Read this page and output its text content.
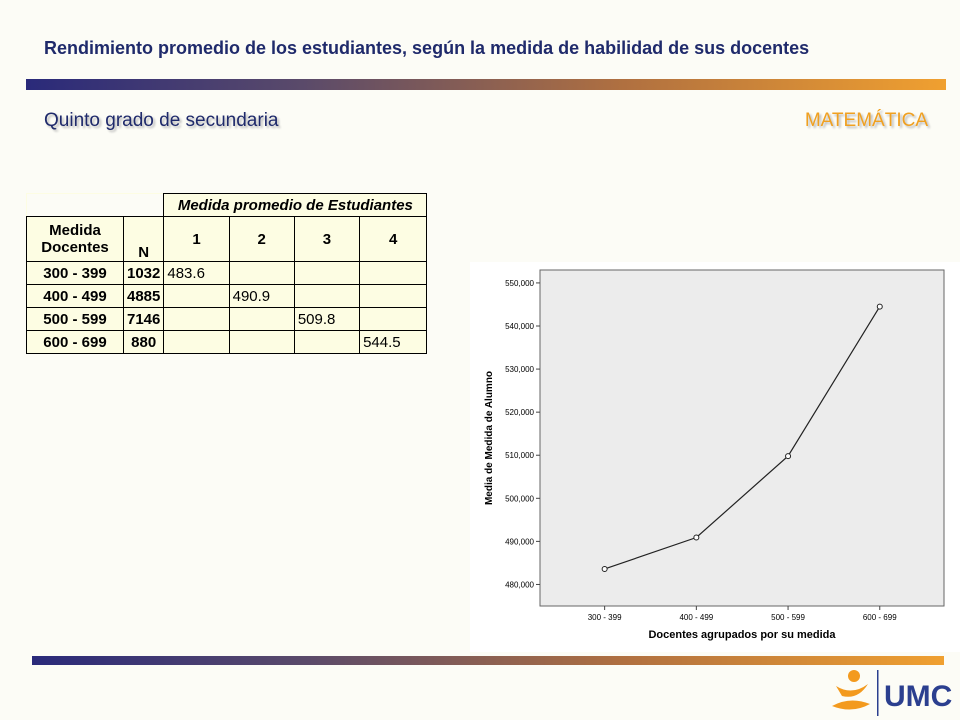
Rendimiento promedio de los estudiantes, según la medida de habilidad de sus docentes
Quinto grado de secundaria	MATEMÁTICA
		Medida promedio de Estudiantes			
Medida Docentes	N	1	2	3	4
300 - 399	1032	483.6			
400 - 499	4885		490.9		
500 - 599	7146			509.8	
600 - 699	880				544.5
480,000
490,000
500,000
510,000
520,000
530,000
540,000
550,000
300 - 399	400 - 499	500 - 599	600 - 699
Docentes agrupados por su medida
Media de Medida de Alumno
UMC
